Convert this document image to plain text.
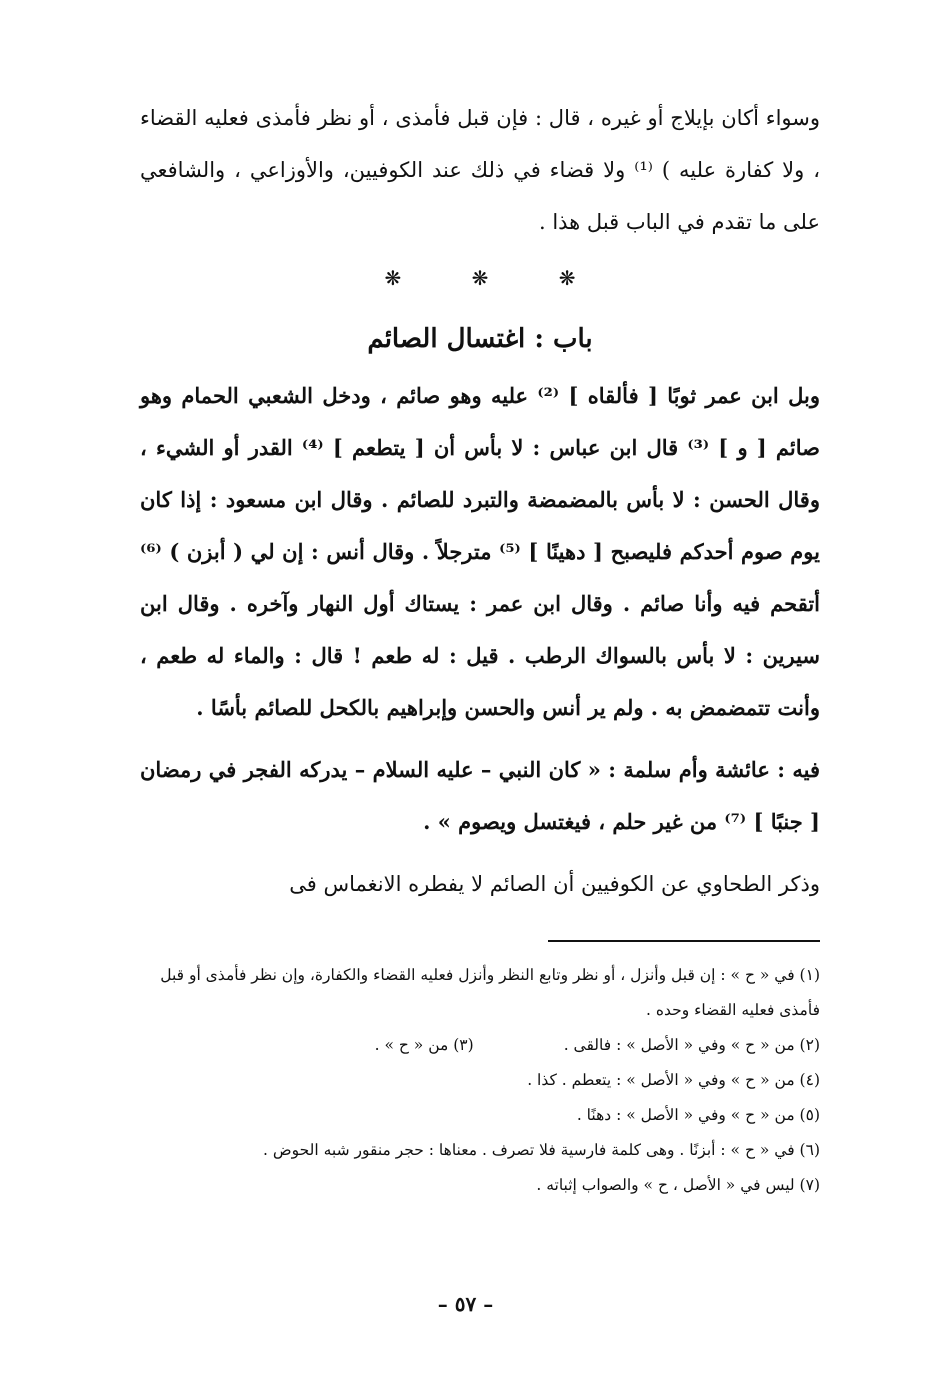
وسواء أكان بإيلاج أو غيره ، قال : فإن قبل فأمذى ، أو نظر فأمذى فعليه القضاء ، ولا كفارة عليه ) ⁽¹⁾ ولا قضاء في ذلك عند الكوفيين، والأوزاعي ، والشافعي على ما تقدم في الباب قبل هذا .

❋	❋	❋
باب : اغتسال الصائم

وبل ابن عمر ثوبًا [ فألقاه ] ⁽²⁾ عليه وهو صائم ، ودخل الشعبي الحمام وهو صائم [ و ] ⁽³⁾ قال ابن عباس : لا بأس أن [ يتطعم ] ⁽⁴⁾ القدر أو الشيء ، وقال الحسن : لا بأس بالمضمضة والتبرد للصائم . وقال ابن مسعود : إذا كان يوم صوم أحدكم فليصبح [ دهينًا ] ⁽⁵⁾ مترجلاً . وقال أنس : إن لي ( أبزن ) ⁽⁶⁾ أتقحم فيه وأنا صائم . وقال ابن عمر : يستاك أول النهار وآخره . وقال ابن سيرين : لا بأس بالسواك الرطب . قيل : له طعم ! قال : والماء له طعم ، وأنت تتمضمض به . ولم ير أنس والحسن وإبراهيم بالكحل للصائم بأسًا .

فيه : عائشة وأم سلمة : « كان النبي – عليه السلام – يدركه الفجر في رمضان [ جنبًا ] ⁽⁷⁾ من غير حلم ، فيغتسل ويصوم » .

وذكر الطحاوي عن الكوفيين أن الصائم لا يفطره الانغماس فى

(١) في « ح » : إن قبل وأنزل ، أو نظر وتابع النظر وأنزل فعليه القضاء والكفارة، وإن نظر فأمذى أو قبل فأمذى فعليه القضاء وحده .

(٢) من « ح » وفي « الأصل » : فالقى .
(٣) من « ح » .

(٤) من « ح » وفي « الأصل » : يتعطم . كذا .

(٥) من « ح » وفي « الأصل » : دهنًا .

(٦) في « ح » : أبزنًا . وهى كلمة فارسية فلا تصرف . معناها : حجر منقور شبه الحوض .

(٧) ليس في « الأصل ، ح » والصواب إثباته .

– ٥٧ –
